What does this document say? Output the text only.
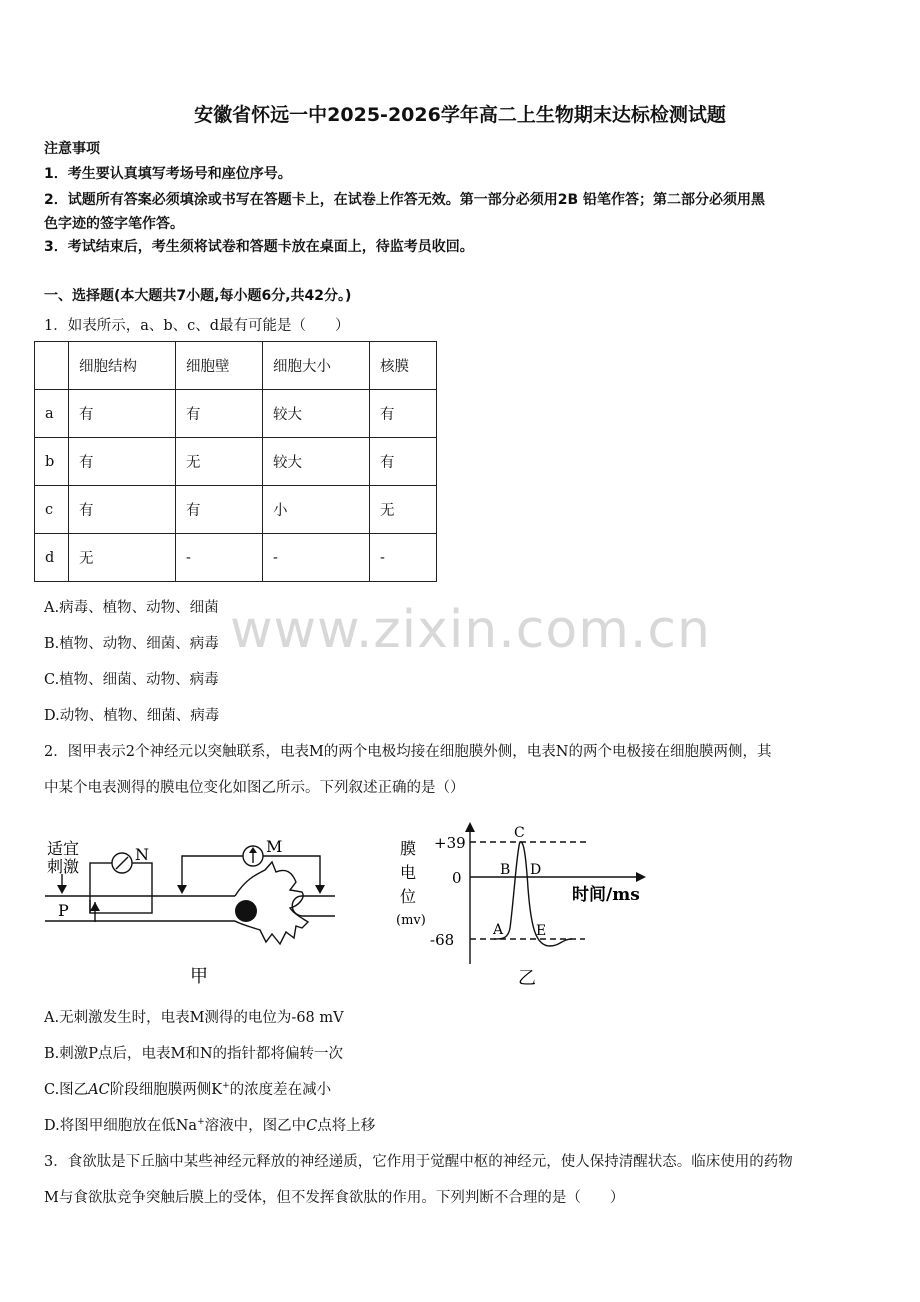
安徽省怀远一中2025-2026学年高二上生物期末达标检测试题
注意事项
1．考生要认真填写考场号和座位序号。
2．试题所有答案必须填涂或书写在答题卡上，在试卷上作答无效。第一部分必须用2B 铅笔作答；第二部分必须用黑
色字迹的签字笔作答。
3．考试结束后，考生须将试卷和答题卡放在桌面上，待监考员收回。
一、选择题(本大题共7小题,每小题6分,共42分。)
1．如表所示，a、b、c、d最有可能是（　　）
	细胞结构	细胞壁	细胞大小	核膜
a	有	有	较大	有
b	有	无	较大	有
c	有	有	小	无
d	无	-	-	-
www.zixin.com.cn
A.病毒、植物、动物、细菌
B.植物、动物、细菌、病毒
C.植物、细菌、动物、病毒
D.动物、植物、细菌、病毒
2．图甲表示2个神经元以突触联系，电表M的两个电极均接在细胞膜外侧，电表N的两个电极接在细胞膜两侧，其
中某个电表测得的膜电位变化如图乙所示。下列叙述正确的是（）
适宜
刺激
P
N	M
甲
膜
电
位
(mv)
+39
0
-68
时间/ms
A
B
C
D
E
乙
A.无刺激发生时，电表M测得的电位为-68 mV
B.刺激P点后，电表M和N的指针都将偏转一次
C.图乙AC阶段细胞膜两侧K+的浓度差在减小
D.将图甲细胞放在低Na+溶液中，图乙中C点将上移
3．食欲肽是下丘脑中某些神经元释放的神经递质，它作用于觉醒中枢的神经元，使人保持清醒状态。临床使用的药物
M与食欲肽竞争突触后膜上的受体，但不发挥食欲肽的作用。下列判断不合理的是（　　）
